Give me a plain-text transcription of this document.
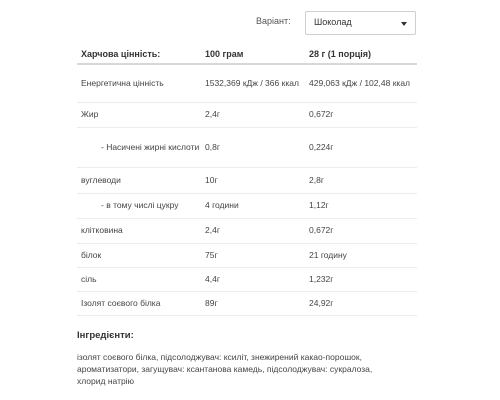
Варіант:	Шоколад
Харчова цінність:	100 грам	28 г (1 порція)
Енергетична цінність	1532,369 кДж / 366 ккал	429,063 кДж / 102,48 ккал
Жир	2,4г	0,672г
- Насичені жирні кислоти	0,8г	0,224г
вуглеводи	10г	2,8г
- в тому числі цукру	4 години	1,12г
клітковина	2,4г	0,672г
білок	75г	21 годину
сіль	4,4г	1,232г
Ізолят соєвого білка	89г	24,92г
Інгредієнти:
ізолят соєвого білка, підсолоджувач: ксиліт, знежирений какао-порошок, ароматизатори, загущувач: ксантанова камедь, підсолоджувач: сукралоза, хлорид натрію
